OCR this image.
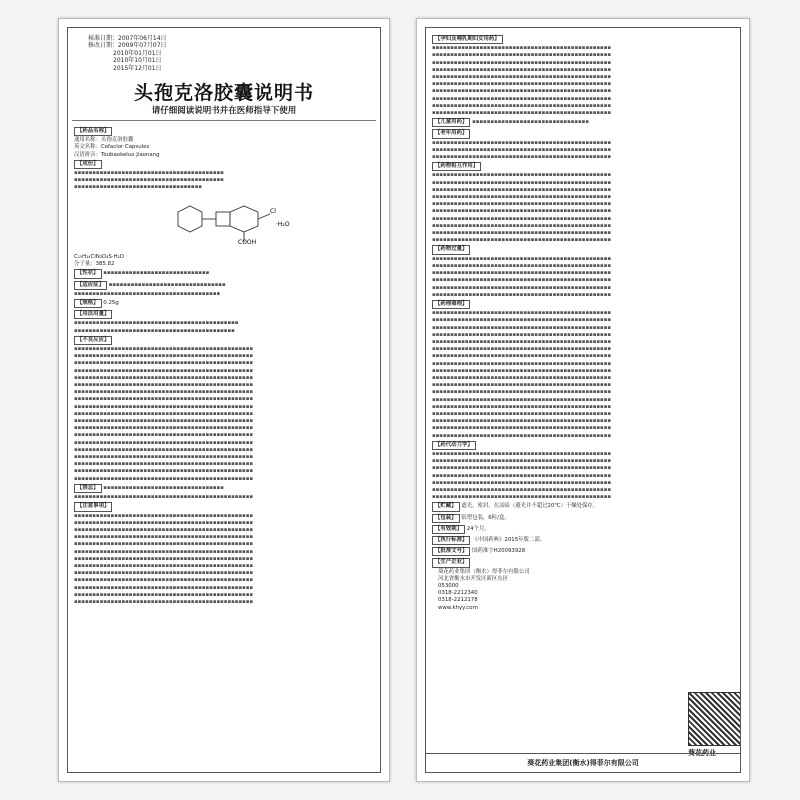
核准日期：2007年06月14日
修改日期：2009年07月07日
2010年01月01日
2010年10月01日
2015年12月01日
头孢克洛胶囊说明书
请仔细阅读说明书并在医师指导下使用
【药品名称】
通用名称：头孢克洛胶囊
英文名称：Cefaclor Capsules
汉语拼音：Toubaokeluo Jiaonang
【成份】
▪▪▪▪▪▪▪▪▪▪▪▪▪▪▪▪▪▪▪▪▪▪▪▪▪▪▪▪▪▪▪▪▪▪▪▪▪▪▪▪▪
▪▪▪▪▪▪▪▪▪▪▪▪▪▪▪▪▪▪▪▪▪▪▪▪▪▪▪▪▪▪▪▪▪▪▪▪▪▪▪▪▪
▪▪▪▪▪▪▪▪▪▪▪▪▪▪▪▪▪▪▪▪▪▪▪▪▪▪▪▪▪▪▪▪▪▪▪
Cl
COOH
·H₂O
C₁₅H₁₄ClN₃O₄S·H₂O
分子量：385.82
【性状】 ▪▪▪▪▪▪▪▪▪▪▪▪▪▪▪▪▪▪▪▪▪▪▪▪▪▪▪▪▪
【适应症】 ▪▪▪▪▪▪▪▪▪▪▪▪▪▪▪▪▪▪▪▪▪▪▪▪▪▪▪▪▪▪▪▪
▪▪▪▪▪▪▪▪▪▪▪▪▪▪▪▪▪▪▪▪▪▪▪▪▪▪▪▪▪▪▪▪▪▪▪▪▪▪▪▪
【规格】 0.25g
【用法用量】
▪▪▪▪▪▪▪▪▪▪▪▪▪▪▪▪▪▪▪▪▪▪▪▪▪▪▪▪▪▪▪▪▪▪▪▪▪▪▪▪▪▪▪▪▪
▪▪▪▪▪▪▪▪▪▪▪▪▪▪▪▪▪▪▪▪▪▪▪▪▪▪▪▪▪▪▪▪▪▪▪▪▪▪▪▪▪▪▪▪
【不良反应】
▪▪▪▪▪▪▪▪▪▪▪▪▪▪▪▪▪▪▪▪▪▪▪▪▪▪▪▪▪▪▪▪▪▪▪▪▪▪▪▪▪▪▪▪▪▪▪▪▪
▪▪▪▪▪▪▪▪▪▪▪▪▪▪▪▪▪▪▪▪▪▪▪▪▪▪▪▪▪▪▪▪▪▪▪▪▪▪▪▪▪▪▪▪▪▪▪▪▪
▪▪▪▪▪▪▪▪▪▪▪▪▪▪▪▪▪▪▪▪▪▪▪▪▪▪▪▪▪▪▪▪▪▪▪▪▪▪▪▪▪▪▪▪▪▪▪▪▪
▪▪▪▪▪▪▪▪▪▪▪▪▪▪▪▪▪▪▪▪▪▪▪▪▪▪▪▪▪▪▪▪▪▪▪▪▪▪▪▪▪▪▪▪▪▪▪▪▪
▪▪▪▪▪▪▪▪▪▪▪▪▪▪▪▪▪▪▪▪▪▪▪▪▪▪▪▪▪▪▪▪▪▪▪▪▪▪▪▪▪▪▪▪▪▪▪▪▪
▪▪▪▪▪▪▪▪▪▪▪▪▪▪▪▪▪▪▪▪▪▪▪▪▪▪▪▪▪▪▪▪▪▪▪▪▪▪▪▪▪▪▪▪▪▪▪▪▪
▪▪▪▪▪▪▪▪▪▪▪▪▪▪▪▪▪▪▪▪▪▪▪▪▪▪▪▪▪▪▪▪▪▪▪▪▪▪▪▪▪▪▪▪▪▪▪▪▪
▪▪▪▪▪▪▪▪▪▪▪▪▪▪▪▪▪▪▪▪▪▪▪▪▪▪▪▪▪▪▪▪▪▪▪▪▪▪▪▪▪▪▪▪▪▪▪▪▪
▪▪▪▪▪▪▪▪▪▪▪▪▪▪▪▪▪▪▪▪▪▪▪▪▪▪▪▪▪▪▪▪▪▪▪▪▪▪▪▪▪▪▪▪▪▪▪▪▪
▪▪▪▪▪▪▪▪▪▪▪▪▪▪▪▪▪▪▪▪▪▪▪▪▪▪▪▪▪▪▪▪▪▪▪▪▪▪▪▪▪▪▪▪▪▪▪▪▪
▪▪▪▪▪▪▪▪▪▪▪▪▪▪▪▪▪▪▪▪▪▪▪▪▪▪▪▪▪▪▪▪▪▪▪▪▪▪▪▪▪▪▪▪▪▪▪▪▪
▪▪▪▪▪▪▪▪▪▪▪▪▪▪▪▪▪▪▪▪▪▪▪▪▪▪▪▪▪▪▪▪▪▪▪▪▪▪▪▪▪▪▪▪▪▪▪▪▪
▪▪▪▪▪▪▪▪▪▪▪▪▪▪▪▪▪▪▪▪▪▪▪▪▪▪▪▪▪▪▪▪▪▪▪▪▪▪▪▪▪▪▪▪▪▪▪▪▪
▪▪▪▪▪▪▪▪▪▪▪▪▪▪▪▪▪▪▪▪▪▪▪▪▪▪▪▪▪▪▪▪▪▪▪▪▪▪▪▪▪▪▪▪▪▪▪▪▪
▪▪▪▪▪▪▪▪▪▪▪▪▪▪▪▪▪▪▪▪▪▪▪▪▪▪▪▪▪▪▪▪▪▪▪▪▪▪▪▪▪▪▪▪▪▪▪▪▪
▪▪▪▪▪▪▪▪▪▪▪▪▪▪▪▪▪▪▪▪▪▪▪▪▪▪▪▪▪▪▪▪▪▪▪▪▪▪▪▪▪▪▪▪▪▪▪▪▪
▪▪▪▪▪▪▪▪▪▪▪▪▪▪▪▪▪▪▪▪▪▪▪▪▪▪▪▪▪▪▪▪▪▪▪▪▪▪▪▪▪▪▪▪▪▪▪▪▪
▪▪▪▪▪▪▪▪▪▪▪▪▪▪▪▪▪▪▪▪▪▪▪▪▪▪▪▪▪▪▪▪▪▪▪▪▪▪▪▪▪▪▪▪▪▪▪▪▪
▪▪▪▪▪▪▪▪▪▪▪▪▪▪▪▪▪▪▪▪▪▪▪▪▪▪▪▪▪▪▪▪▪▪▪▪▪▪▪▪▪▪▪▪▪▪▪▪▪
【禁忌】 ▪▪▪▪▪▪▪▪▪▪▪▪▪▪▪▪▪▪▪▪▪▪▪▪▪▪▪▪▪▪▪▪▪
▪▪▪▪▪▪▪▪▪▪▪▪▪▪▪▪▪▪▪▪▪▪▪▪▪▪▪▪▪▪▪▪▪▪▪▪▪▪▪▪▪▪▪▪▪▪▪▪▪
【注意事项】
▪▪▪▪▪▪▪▪▪▪▪▪▪▪▪▪▪▪▪▪▪▪▪▪▪▪▪▪▪▪▪▪▪▪▪▪▪▪▪▪▪▪▪▪▪▪▪▪▪
▪▪▪▪▪▪▪▪▪▪▪▪▪▪▪▪▪▪▪▪▪▪▪▪▪▪▪▪▪▪▪▪▪▪▪▪▪▪▪▪▪▪▪▪▪▪▪▪▪
▪▪▪▪▪▪▪▪▪▪▪▪▪▪▪▪▪▪▪▪▪▪▪▪▪▪▪▪▪▪▪▪▪▪▪▪▪▪▪▪▪▪▪▪▪▪▪▪▪
▪▪▪▪▪▪▪▪▪▪▪▪▪▪▪▪▪▪▪▪▪▪▪▪▪▪▪▪▪▪▪▪▪▪▪▪▪▪▪▪▪▪▪▪▪▪▪▪▪
▪▪▪▪▪▪▪▪▪▪▪▪▪▪▪▪▪▪▪▪▪▪▪▪▪▪▪▪▪▪▪▪▪▪▪▪▪▪▪▪▪▪▪▪▪▪▪▪▪
▪▪▪▪▪▪▪▪▪▪▪▪▪▪▪▪▪▪▪▪▪▪▪▪▪▪▪▪▪▪▪▪▪▪▪▪▪▪▪▪▪▪▪▪▪▪▪▪▪
▪▪▪▪▪▪▪▪▪▪▪▪▪▪▪▪▪▪▪▪▪▪▪▪▪▪▪▪▪▪▪▪▪▪▪▪▪▪▪▪▪▪▪▪▪▪▪▪▪
▪▪▪▪▪▪▪▪▪▪▪▪▪▪▪▪▪▪▪▪▪▪▪▪▪▪▪▪▪▪▪▪▪▪▪▪▪▪▪▪▪▪▪▪▪▪▪▪▪
▪▪▪▪▪▪▪▪▪▪▪▪▪▪▪▪▪▪▪▪▪▪▪▪▪▪▪▪▪▪▪▪▪▪▪▪▪▪▪▪▪▪▪▪▪▪▪▪▪
▪▪▪▪▪▪▪▪▪▪▪▪▪▪▪▪▪▪▪▪▪▪▪▪▪▪▪▪▪▪▪▪▪▪▪▪▪▪▪▪▪▪▪▪▪▪▪▪▪
▪▪▪▪▪▪▪▪▪▪▪▪▪▪▪▪▪▪▪▪▪▪▪▪▪▪▪▪▪▪▪▪▪▪▪▪▪▪▪▪▪▪▪▪▪▪▪▪▪
▪▪▪▪▪▪▪▪▪▪▪▪▪▪▪▪▪▪▪▪▪▪▪▪▪▪▪▪▪▪▪▪▪▪▪▪▪▪▪▪▪▪▪▪▪▪▪▪▪
▪▪▪▪▪▪▪▪▪▪▪▪▪▪▪▪▪▪▪▪▪▪▪▪▪▪▪▪▪▪▪▪▪▪▪▪▪▪▪▪▪▪▪▪▪▪▪▪▪
【孕妇及哺乳期妇女用药】
▪▪▪▪▪▪▪▪▪▪▪▪▪▪▪▪▪▪▪▪▪▪▪▪▪▪▪▪▪▪▪▪▪▪▪▪▪▪▪▪▪▪▪▪▪▪▪▪▪
▪▪▪▪▪▪▪▪▪▪▪▪▪▪▪▪▪▪▪▪▪▪▪▪▪▪▪▪▪▪▪▪▪▪▪▪▪▪▪▪▪▪▪▪▪▪▪▪▪
▪▪▪▪▪▪▪▪▪▪▪▪▪▪▪▪▪▪▪▪▪▪▪▪▪▪▪▪▪▪▪▪▪▪▪▪▪▪▪▪▪▪▪▪▪▪▪▪▪
▪▪▪▪▪▪▪▪▪▪▪▪▪▪▪▪▪▪▪▪▪▪▪▪▪▪▪▪▪▪▪▪▪▪▪▪▪▪▪▪▪▪▪▪▪▪▪▪▪
▪▪▪▪▪▪▪▪▪▪▪▪▪▪▪▪▪▪▪▪▪▪▪▪▪▪▪▪▪▪▪▪▪▪▪▪▪▪▪▪▪▪▪▪▪▪▪▪▪
▪▪▪▪▪▪▪▪▪▪▪▪▪▪▪▪▪▪▪▪▪▪▪▪▪▪▪▪▪▪▪▪▪▪▪▪▪▪▪▪▪▪▪▪▪▪▪▪▪
▪▪▪▪▪▪▪▪▪▪▪▪▪▪▪▪▪▪▪▪▪▪▪▪▪▪▪▪▪▪▪▪▪▪▪▪▪▪▪▪▪▪▪▪▪▪▪▪▪
▪▪▪▪▪▪▪▪▪▪▪▪▪▪▪▪▪▪▪▪▪▪▪▪▪▪▪▪▪▪▪▪▪▪▪▪▪▪▪▪▪▪▪▪▪▪▪▪▪
▪▪▪▪▪▪▪▪▪▪▪▪▪▪▪▪▪▪▪▪▪▪▪▪▪▪▪▪▪▪▪▪▪▪▪▪▪▪▪▪▪▪▪▪▪▪▪▪▪
▪▪▪▪▪▪▪▪▪▪▪▪▪▪▪▪▪▪▪▪▪▪▪▪▪▪▪▪▪▪▪▪▪▪▪▪▪▪▪▪▪▪▪▪▪▪▪▪▪
【儿童用药】 ▪▪▪▪▪▪▪▪▪▪▪▪▪▪▪▪▪▪▪▪▪▪▪▪▪▪▪▪▪▪▪▪
【老年用药】
▪▪▪▪▪▪▪▪▪▪▪▪▪▪▪▪▪▪▪▪▪▪▪▪▪▪▪▪▪▪▪▪▪▪▪▪▪▪▪▪▪▪▪▪▪▪▪▪▪
▪▪▪▪▪▪▪▪▪▪▪▪▪▪▪▪▪▪▪▪▪▪▪▪▪▪▪▪▪▪▪▪▪▪▪▪▪▪▪▪▪▪▪▪▪▪▪▪▪
▪▪▪▪▪▪▪▪▪▪▪▪▪▪▪▪▪▪▪▪▪▪▪▪▪▪▪▪▪▪▪▪▪▪▪▪▪▪▪▪▪▪▪▪▪▪▪▪▪
【药物相互作用】
▪▪▪▪▪▪▪▪▪▪▪▪▪▪▪▪▪▪▪▪▪▪▪▪▪▪▪▪▪▪▪▪▪▪▪▪▪▪▪▪▪▪▪▪▪▪▪▪▪
▪▪▪▪▪▪▪▪▪▪▪▪▪▪▪▪▪▪▪▪▪▪▪▪▪▪▪▪▪▪▪▪▪▪▪▪▪▪▪▪▪▪▪▪▪▪▪▪▪
▪▪▪▪▪▪▪▪▪▪▪▪▪▪▪▪▪▪▪▪▪▪▪▪▪▪▪▪▪▪▪▪▪▪▪▪▪▪▪▪▪▪▪▪▪▪▪▪▪
▪▪▪▪▪▪▪▪▪▪▪▪▪▪▪▪▪▪▪▪▪▪▪▪▪▪▪▪▪▪▪▪▪▪▪▪▪▪▪▪▪▪▪▪▪▪▪▪▪
▪▪▪▪▪▪▪▪▪▪▪▪▪▪▪▪▪▪▪▪▪▪▪▪▪▪▪▪▪▪▪▪▪▪▪▪▪▪▪▪▪▪▪▪▪▪▪▪▪
▪▪▪▪▪▪▪▪▪▪▪▪▪▪▪▪▪▪▪▪▪▪▪▪▪▪▪▪▪▪▪▪▪▪▪▪▪▪▪▪▪▪▪▪▪▪▪▪▪
▪▪▪▪▪▪▪▪▪▪▪▪▪▪▪▪▪▪▪▪▪▪▪▪▪▪▪▪▪▪▪▪▪▪▪▪▪▪▪▪▪▪▪▪▪▪▪▪▪
▪▪▪▪▪▪▪▪▪▪▪▪▪▪▪▪▪▪▪▪▪▪▪▪▪▪▪▪▪▪▪▪▪▪▪▪▪▪▪▪▪▪▪▪▪▪▪▪▪
▪▪▪▪▪▪▪▪▪▪▪▪▪▪▪▪▪▪▪▪▪▪▪▪▪▪▪▪▪▪▪▪▪▪▪▪▪▪▪▪▪▪▪▪▪▪▪▪▪
▪▪▪▪▪▪▪▪▪▪▪▪▪▪▪▪▪▪▪▪▪▪▪▪▪▪▪▪▪▪▪▪▪▪▪▪▪▪▪▪▪▪▪▪▪▪▪▪▪
【药物过量】
▪▪▪▪▪▪▪▪▪▪▪▪▪▪▪▪▪▪▪▪▪▪▪▪▪▪▪▪▪▪▪▪▪▪▪▪▪▪▪▪▪▪▪▪▪▪▪▪▪
▪▪▪▪▪▪▪▪▪▪▪▪▪▪▪▪▪▪▪▪▪▪▪▪▪▪▪▪▪▪▪▪▪▪▪▪▪▪▪▪▪▪▪▪▪▪▪▪▪
▪▪▪▪▪▪▪▪▪▪▪▪▪▪▪▪▪▪▪▪▪▪▪▪▪▪▪▪▪▪▪▪▪▪▪▪▪▪▪▪▪▪▪▪▪▪▪▪▪
▪▪▪▪▪▪▪▪▪▪▪▪▪▪▪▪▪▪▪▪▪▪▪▪▪▪▪▪▪▪▪▪▪▪▪▪▪▪▪▪▪▪▪▪▪▪▪▪▪
▪▪▪▪▪▪▪▪▪▪▪▪▪▪▪▪▪▪▪▪▪▪▪▪▪▪▪▪▪▪▪▪▪▪▪▪▪▪▪▪▪▪▪▪▪▪▪▪▪
▪▪▪▪▪▪▪▪▪▪▪▪▪▪▪▪▪▪▪▪▪▪▪▪▪▪▪▪▪▪▪▪▪▪▪▪▪▪▪▪▪▪▪▪▪▪▪▪▪
【药理毒理】
▪▪▪▪▪▪▪▪▪▪▪▪▪▪▪▪▪▪▪▪▪▪▪▪▪▪▪▪▪▪▪▪▪▪▪▪▪▪▪▪▪▪▪▪▪▪▪▪▪
▪▪▪▪▪▪▪▪▪▪▪▪▪▪▪▪▪▪▪▪▪▪▪▪▪▪▪▪▪▪▪▪▪▪▪▪▪▪▪▪▪▪▪▪▪▪▪▪▪
▪▪▪▪▪▪▪▪▪▪▪▪▪▪▪▪▪▪▪▪▪▪▪▪▪▪▪▪▪▪▪▪▪▪▪▪▪▪▪▪▪▪▪▪▪▪▪▪▪
▪▪▪▪▪▪▪▪▪▪▪▪▪▪▪▪▪▪▪▪▪▪▪▪▪▪▪▪▪▪▪▪▪▪▪▪▪▪▪▪▪▪▪▪▪▪▪▪▪
▪▪▪▪▪▪▪▪▪▪▪▪▪▪▪▪▪▪▪▪▪▪▪▪▪▪▪▪▪▪▪▪▪▪▪▪▪▪▪▪▪▪▪▪▪▪▪▪▪
▪▪▪▪▪▪▪▪▪▪▪▪▪▪▪▪▪▪▪▪▪▪▪▪▪▪▪▪▪▪▪▪▪▪▪▪▪▪▪▪▪▪▪▪▪▪▪▪▪
▪▪▪▪▪▪▪▪▪▪▪▪▪▪▪▪▪▪▪▪▪▪▪▪▪▪▪▪▪▪▪▪▪▪▪▪▪▪▪▪▪▪▪▪▪▪▪▪▪
▪▪▪▪▪▪▪▪▪▪▪▪▪▪▪▪▪▪▪▪▪▪▪▪▪▪▪▪▪▪▪▪▪▪▪▪▪▪▪▪▪▪▪▪▪▪▪▪▪
▪▪▪▪▪▪▪▪▪▪▪▪▪▪▪▪▪▪▪▪▪▪▪▪▪▪▪▪▪▪▪▪▪▪▪▪▪▪▪▪▪▪▪▪▪▪▪▪▪
▪▪▪▪▪▪▪▪▪▪▪▪▪▪▪▪▪▪▪▪▪▪▪▪▪▪▪▪▪▪▪▪▪▪▪▪▪▪▪▪▪▪▪▪▪▪▪▪▪
▪▪▪▪▪▪▪▪▪▪▪▪▪▪▪▪▪▪▪▪▪▪▪▪▪▪▪▪▪▪▪▪▪▪▪▪▪▪▪▪▪▪▪▪▪▪▪▪▪
▪▪▪▪▪▪▪▪▪▪▪▪▪▪▪▪▪▪▪▪▪▪▪▪▪▪▪▪▪▪▪▪▪▪▪▪▪▪▪▪▪▪▪▪▪▪▪▪▪
▪▪▪▪▪▪▪▪▪▪▪▪▪▪▪▪▪▪▪▪▪▪▪▪▪▪▪▪▪▪▪▪▪▪▪▪▪▪▪▪▪▪▪▪▪▪▪▪▪
▪▪▪▪▪▪▪▪▪▪▪▪▪▪▪▪▪▪▪▪▪▪▪▪▪▪▪▪▪▪▪▪▪▪▪▪▪▪▪▪▪▪▪▪▪▪▪▪▪
▪▪▪▪▪▪▪▪▪▪▪▪▪▪▪▪▪▪▪▪▪▪▪▪▪▪▪▪▪▪▪▪▪▪▪▪▪▪▪▪▪▪▪▪▪▪▪▪▪
▪▪▪▪▪▪▪▪▪▪▪▪▪▪▪▪▪▪▪▪▪▪▪▪▪▪▪▪▪▪▪▪▪▪▪▪▪▪▪▪▪▪▪▪▪▪▪▪▪
▪▪▪▪▪▪▪▪▪▪▪▪▪▪▪▪▪▪▪▪▪▪▪▪▪▪▪▪▪▪▪▪▪▪▪▪▪▪▪▪▪▪▪▪▪▪▪▪▪
▪▪▪▪▪▪▪▪▪▪▪▪▪▪▪▪▪▪▪▪▪▪▪▪▪▪▪▪▪▪▪▪▪▪▪▪▪▪▪▪▪▪▪▪▪▪▪▪▪
【药代动力学】
▪▪▪▪▪▪▪▪▪▪▪▪▪▪▪▪▪▪▪▪▪▪▪▪▪▪▪▪▪▪▪▪▪▪▪▪▪▪▪▪▪▪▪▪▪▪▪▪▪
▪▪▪▪▪▪▪▪▪▪▪▪▪▪▪▪▪▪▪▪▪▪▪▪▪▪▪▪▪▪▪▪▪▪▪▪▪▪▪▪▪▪▪▪▪▪▪▪▪
▪▪▪▪▪▪▪▪▪▪▪▪▪▪▪▪▪▪▪▪▪▪▪▪▪▪▪▪▪▪▪▪▪▪▪▪▪▪▪▪▪▪▪▪▪▪▪▪▪
▪▪▪▪▪▪▪▪▪▪▪▪▪▪▪▪▪▪▪▪▪▪▪▪▪▪▪▪▪▪▪▪▪▪▪▪▪▪▪▪▪▪▪▪▪▪▪▪▪
▪▪▪▪▪▪▪▪▪▪▪▪▪▪▪▪▪▪▪▪▪▪▪▪▪▪▪▪▪▪▪▪▪▪▪▪▪▪▪▪▪▪▪▪▪▪▪▪▪
▪▪▪▪▪▪▪▪▪▪▪▪▪▪▪▪▪▪▪▪▪▪▪▪▪▪▪▪▪▪▪▪▪▪▪▪▪▪▪▪▪▪▪▪▪▪▪▪▪
▪▪▪▪▪▪▪▪▪▪▪▪▪▪▪▪▪▪▪▪▪▪▪▪▪▪▪▪▪▪▪▪▪▪▪▪▪▪▪▪▪▪▪▪▪▪▪▪▪
【贮藏】 遮光，密封，在凉暗（避光并不超过20℃）干燥处保存。
【包装】 铝塑包装，6粒/盒。
【有效期】 24个月。
【执行标准】 《中国药典》2015年版二部。
【批准文号】 国药准字H20093928
【生产企业】
葵花药业集团（衡水）得菲尔有限公司
河北省衡水市开发区新区东区
053000
0318-2212340
0318-2212178
www.khyy.com
葵花药业
葵花药业集团(衡水)得菲尔有限公司
